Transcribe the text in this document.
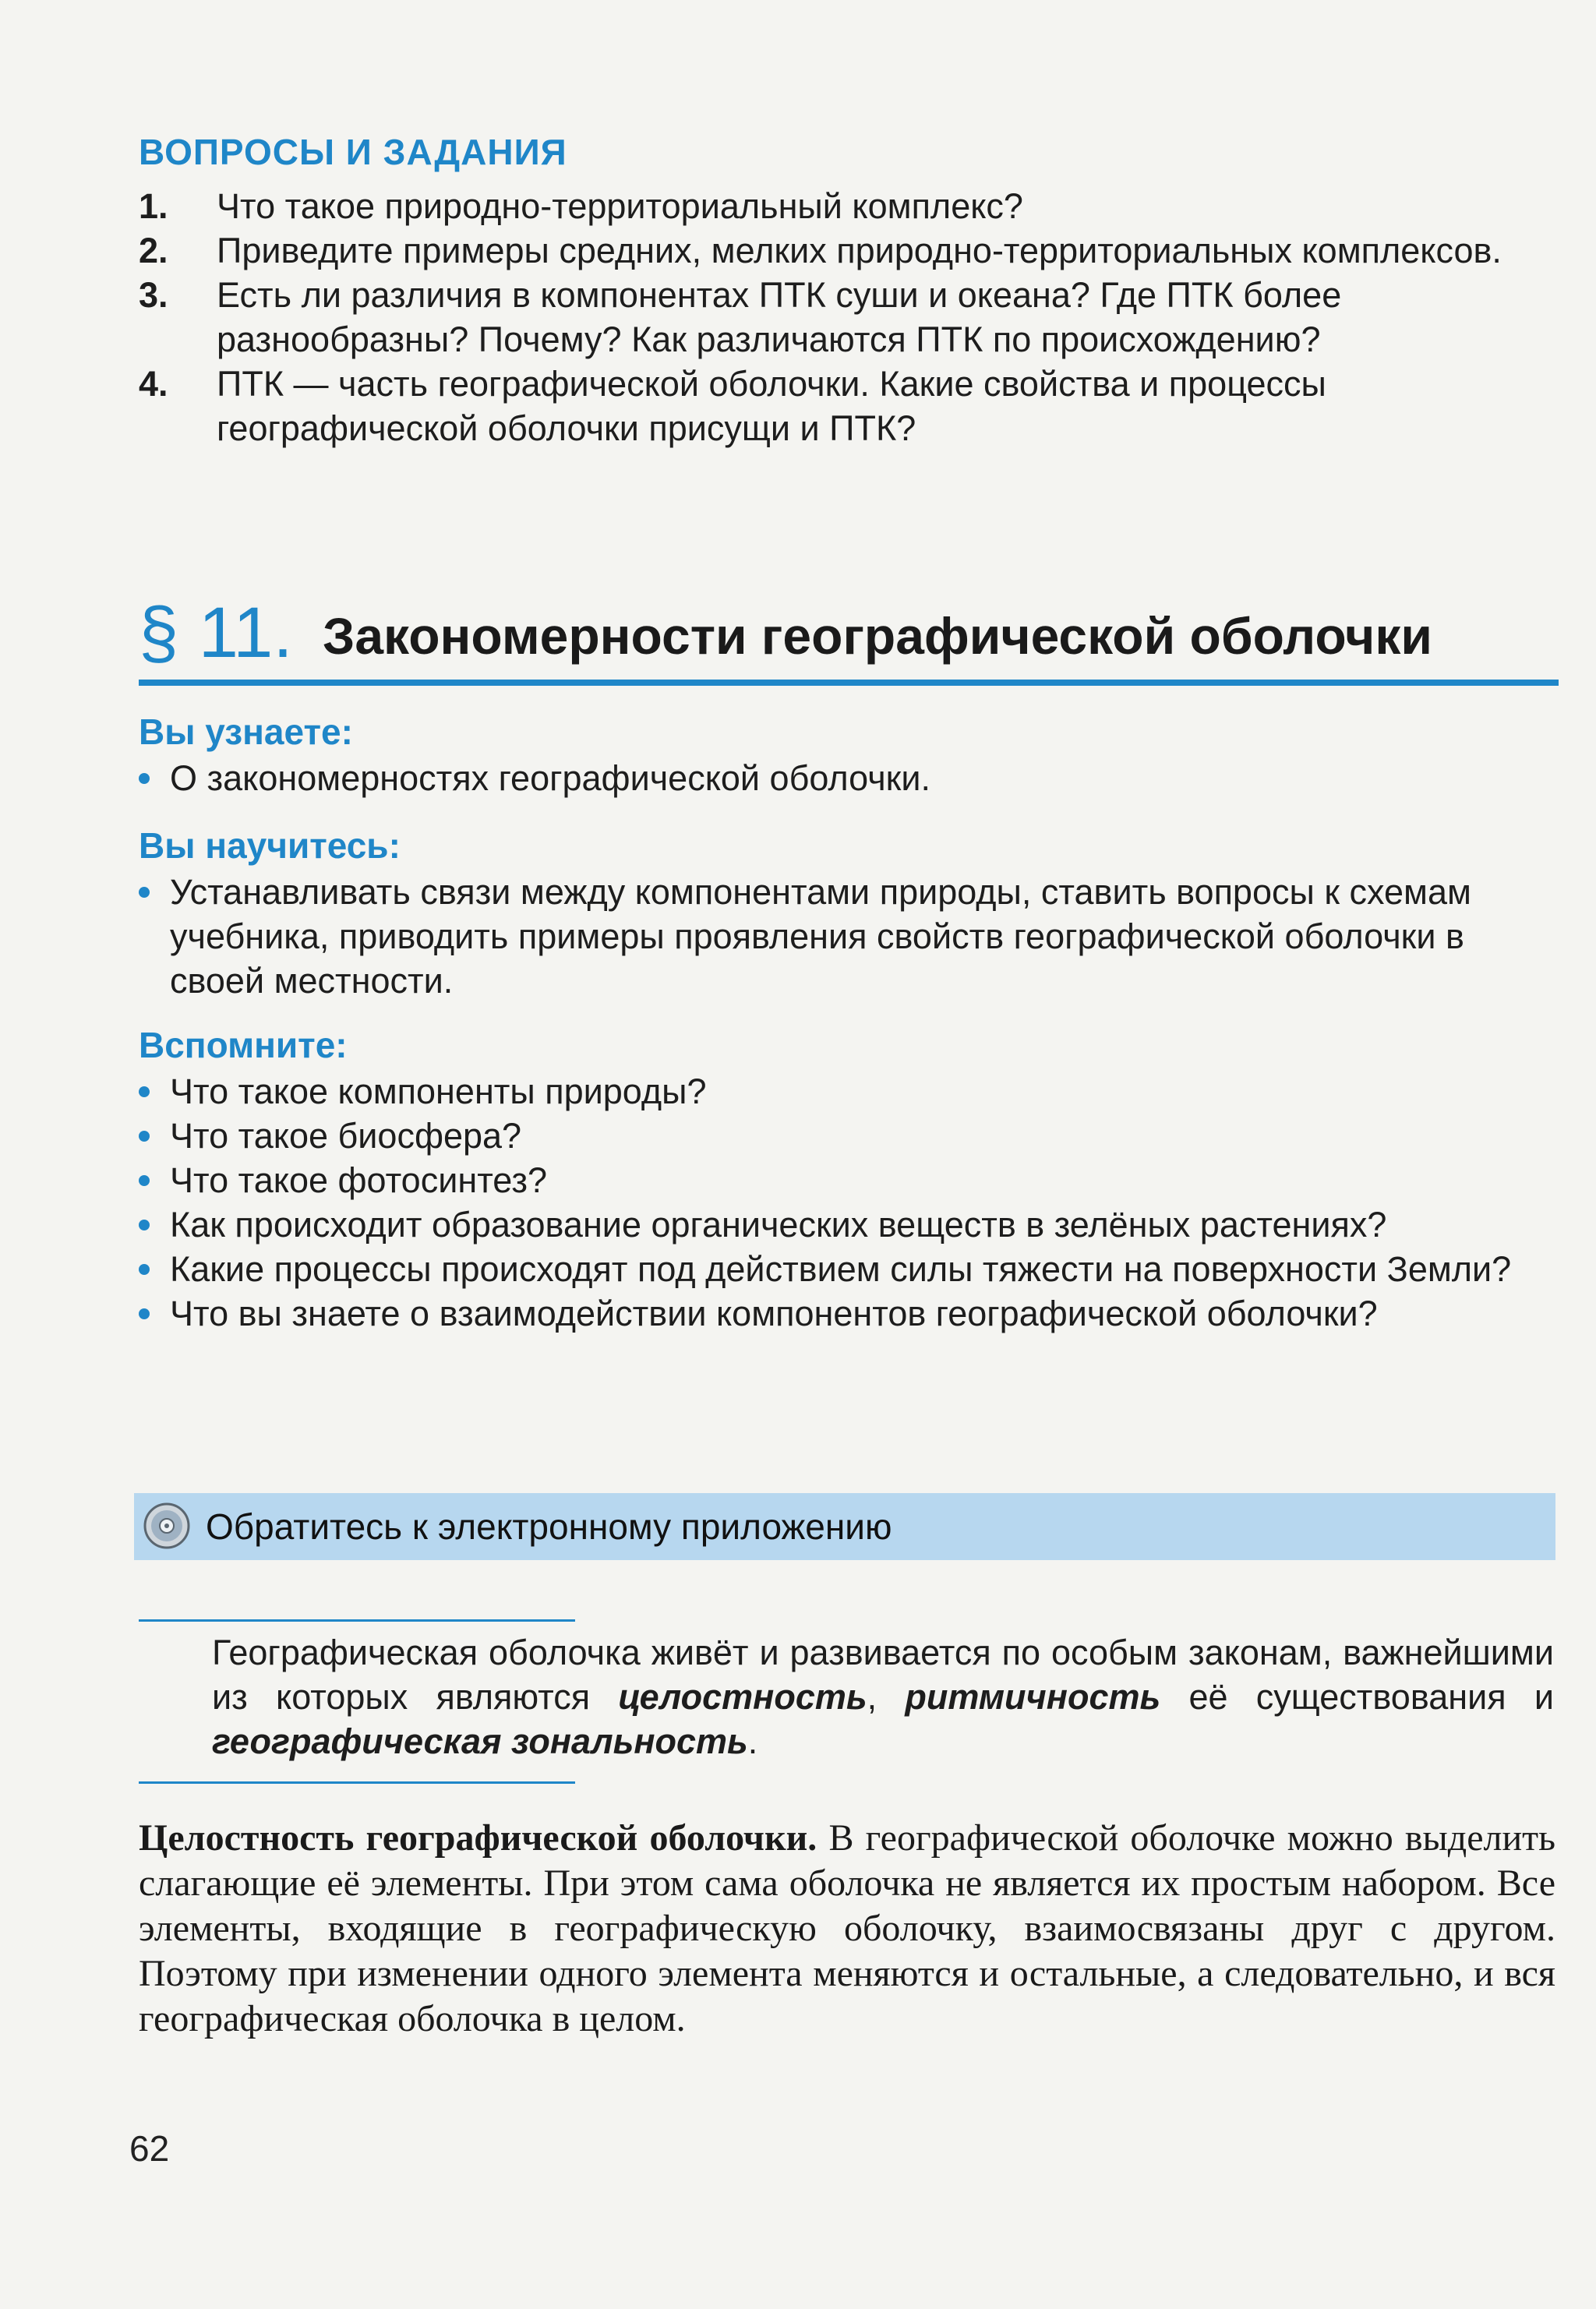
ВОПРОСЫ И ЗАДАНИЯ
1.	Что такое природно-территориальный комплекс?
2.	Приведите примеры средних, мелких природно-территориальных комплексов.
3.	Есть ли различия в компонентах ПТК суши и океана? Где ПТК более разнообразны? Почему? Как различаются ПТК по происхождению?
4.	ПТК — часть географической оболочки. Какие свойства и процессы географической оболочки присущи и ПТК?
§ 11. Закономерности географической оболочки
Вы узнаете:
О закономерностях географической оболочки.
Вы научитесь:
Устанавливать связи между компонентами природы, ставить вопросы к схемам учебника, приводить примеры проявления свойств географической оболочки в своей местности.
Вспомните:
Что такое компоненты природы?
Что такое биосфера?
Что такое фотосинтез?
Как происходит образование органических веществ в зелёных растениях?
Какие процессы происходят под действием силы тяжести на поверхности Земли?
Что вы знаете о взаимодействии компонентов географической оболочки?
Обратитесь к электронному приложению
Географическая оболочка живёт и развивается по особым законам, важнейшими из которых являются целостность, ритмичность её существования и географическая зональность.
Целостность географической оболочки. В географической оболочке можно выделить слагающие её элементы. При этом сама оболочка не является их простым набором. Все элементы, входящие в географическую оболочку, взаимосвязаны друг с другом. Поэтому при изменении одного элемента меняются и остальные, а следовательно, и вся географическая оболочка в целом.
62
